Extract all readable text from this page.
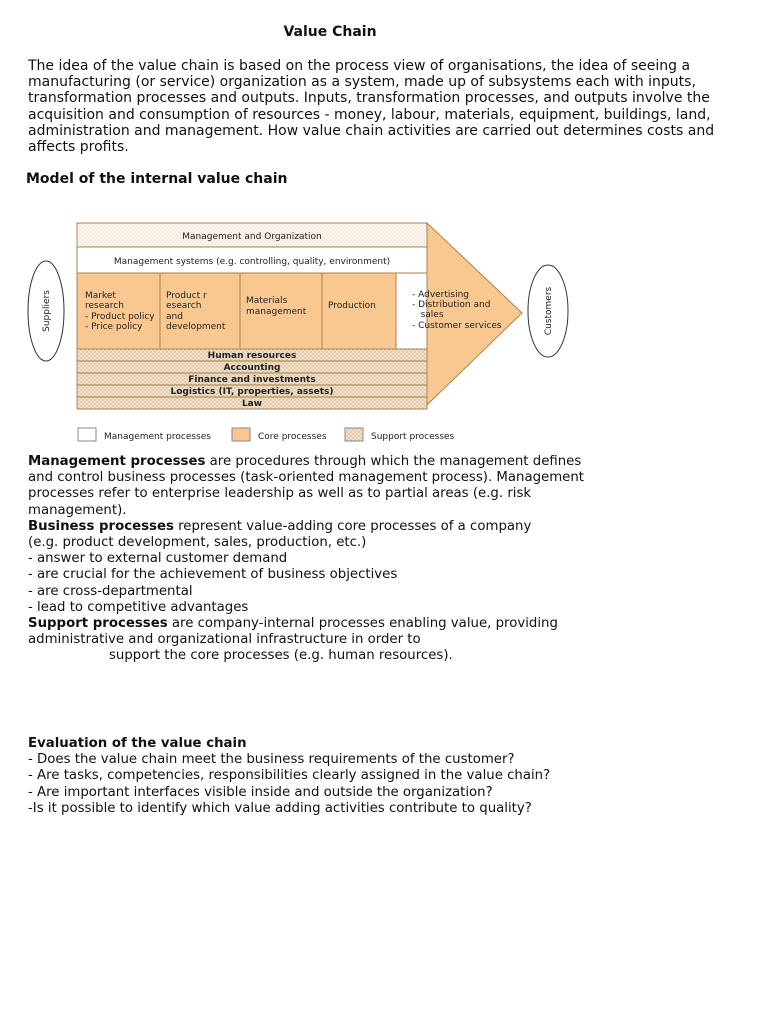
Value Chain

The idea of the value chain is based on the process view of organisations, the idea of seeing a manufacturing (or service) organization as a system, made up of subsystems each with inputs, transformation processes and outputs. Inputs, transformation processes, and outputs involve the acquisition and consumption of resources - money, labour, materials, equipment, buildings, land, administration and management. How value chain activities are carried out determines costs and affects profits.

Model of the internal value chain

Suppliers	Customers
Management and Organization
Management systems (e.g. controlling, quality, environment)
Market
research
- Product policy
- Price policy
Product r
esearch
and
development
Materials
management
Production
- Advertising
- Distribution and
sales
- Customer services
Human resources
Accounting
Finance and investments
Logistics (IT, properties, assets)
Law
Management processes	Core processes	Support processes

Management processes are procedures through which the management defines and control business processes (task-oriented management process). Management processes refer to enterprise leadership as well as to partial areas (e.g. risk management).

Business processes represent value-adding core processes of a company

(e.g. product development, sales, production, etc.)

- answer to external customer demand

- are crucial for the achievement of business objectives

- are cross-departmental

- lead to competitive advantages

Support processes are company-internal processes enabling value, providing administrative and organizational infrastructure in order to

support the core processes (e.g. human resources).

Evaluation of the value chain

- Does the value chain meet the business requirements of the customer?

- Are tasks, competencies, responsibilities clearly assigned in the value chain?

- Are important interfaces visible inside and outside the organization?

-Is it possible to identify which value adding activities contribute to quality?
